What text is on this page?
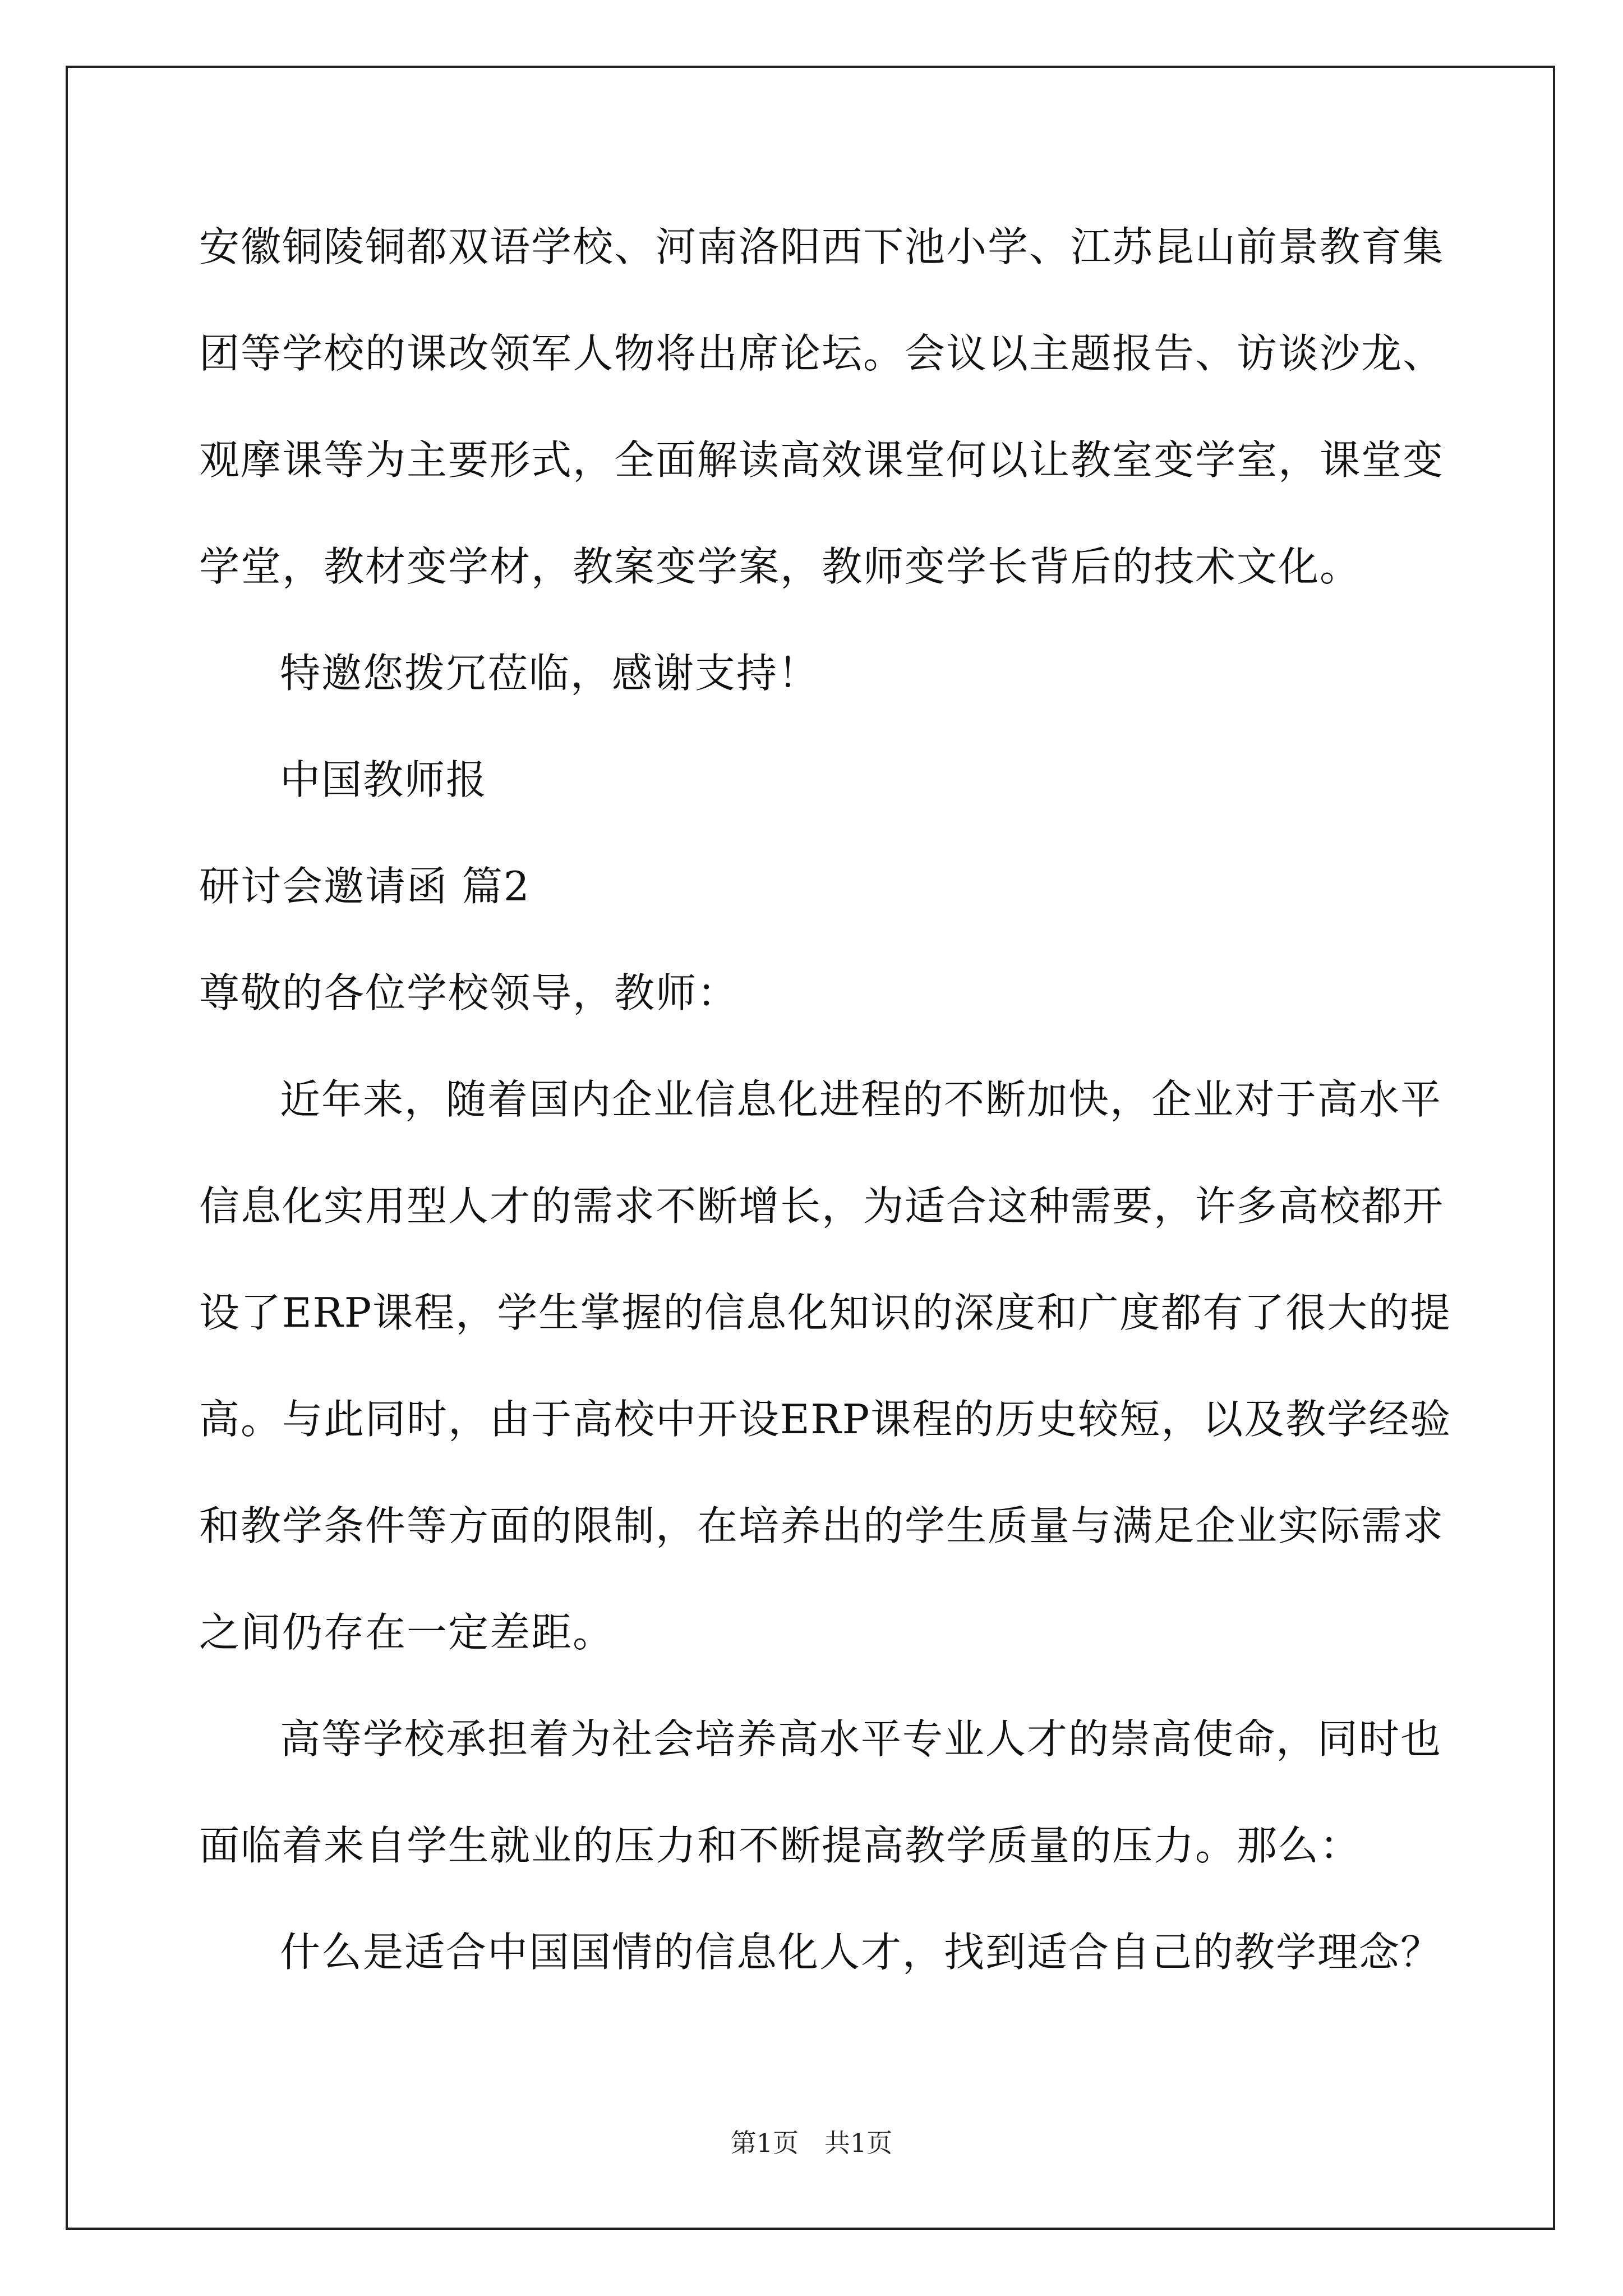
安徽铜陵铜都双语学校、河南洛阳西下池小学、江苏昆山前景教育集
团等学校的课改领军人物将出席论坛。会议以主题报告、访谈沙龙、
观摩课等为主要形式，全面解读高效课堂何以让教室变学室，课堂变
学堂，教材变学材，教案变学案，教师变学长背后的技术文化。
特邀您拨冗莅临，感谢支持！
中国教师报
研讨会邀请函 篇2
尊敬的各位学校领导，教师：
近年来，随着国内企业信息化进程的不断加快，企业对于高水平
信息化实用型人才的需求不断增长，为适合这种需要，许多高校都开
设了ERP课程，学生掌握的信息化知识的深度和广度都有了很大的提
高。与此同时，由于高校中开设ERP课程的历史较短，以及教学经验
和教学条件等方面的限制，在培养出的学生质量与满足企业实际需求
之间仍存在一定差距。
高等学校承担着为社会培养高水平专业人才的崇高使命，同时也
面临着来自学生就业的压力和不断提高教学质量的压力。那么：
什么是适合中国国情的信息化人才，找到适合自己的教学理念？
第1页　共1页
